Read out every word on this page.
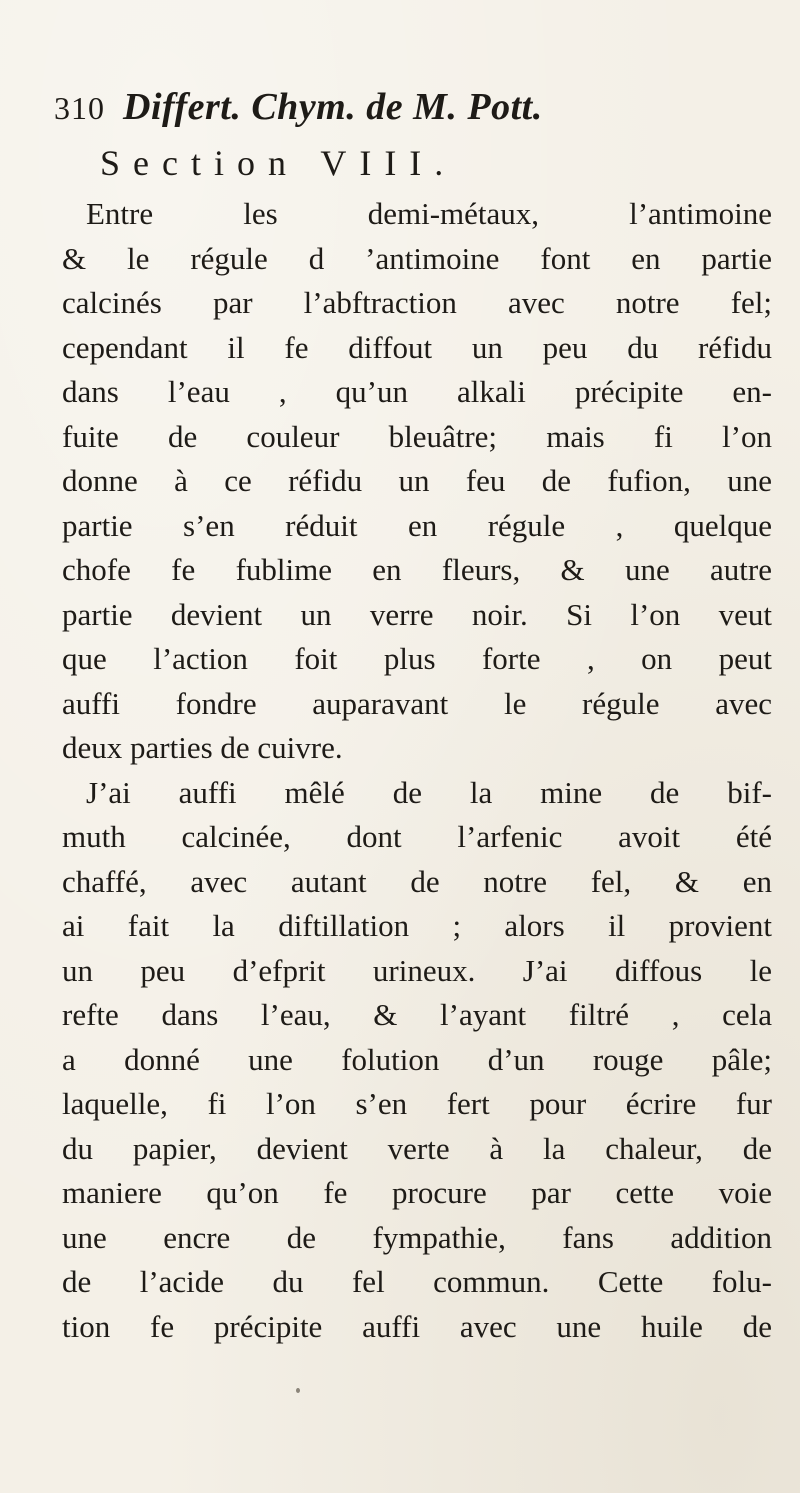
310 Differt. Chym. de M. Pott.
Section VIII.
Entre les demi-métaux, l’antimoine
& le régule d ’antimoine font en partie
calcinés par l’abftraction avec notre fel;
cependant il fe diffout un peu du réfidu
dans l’eau , qu’un alkali précipite en-
fuite de couleur bleuâtre; mais fi l’on
donne à ce réfidu un feu de fufion, une
partie s’en réduit en régule , quelque
chofe fe fublime en fleurs, & une autre
partie devient un verre noir. Si l’on veut
que l’action foit plus forte , on peut
auffi fondre auparavant le régule avec
deux parties de cuivre.
J’ai auffi mêlé de la mine de bif-
muth calcinée, dont l’arfenic avoit été
chaffé, avec autant de notre fel, & en
ai fait la diftillation ; alors il provient
un peu d’efprit urineux. J’ai diffous le
refte dans l’eau, & l’ayant filtré , cela
a donné une folution d’un rouge pâle;
laquelle, fi l’on s’en fert pour écrire fur
du papier, devient verte à la chaleur, de
maniere qu’on fe procure par cette voie
une encre de fympathie, fans addition
de l’acide du fel commun. Cette folu-
tion fe précipite auffi avec une huile de
